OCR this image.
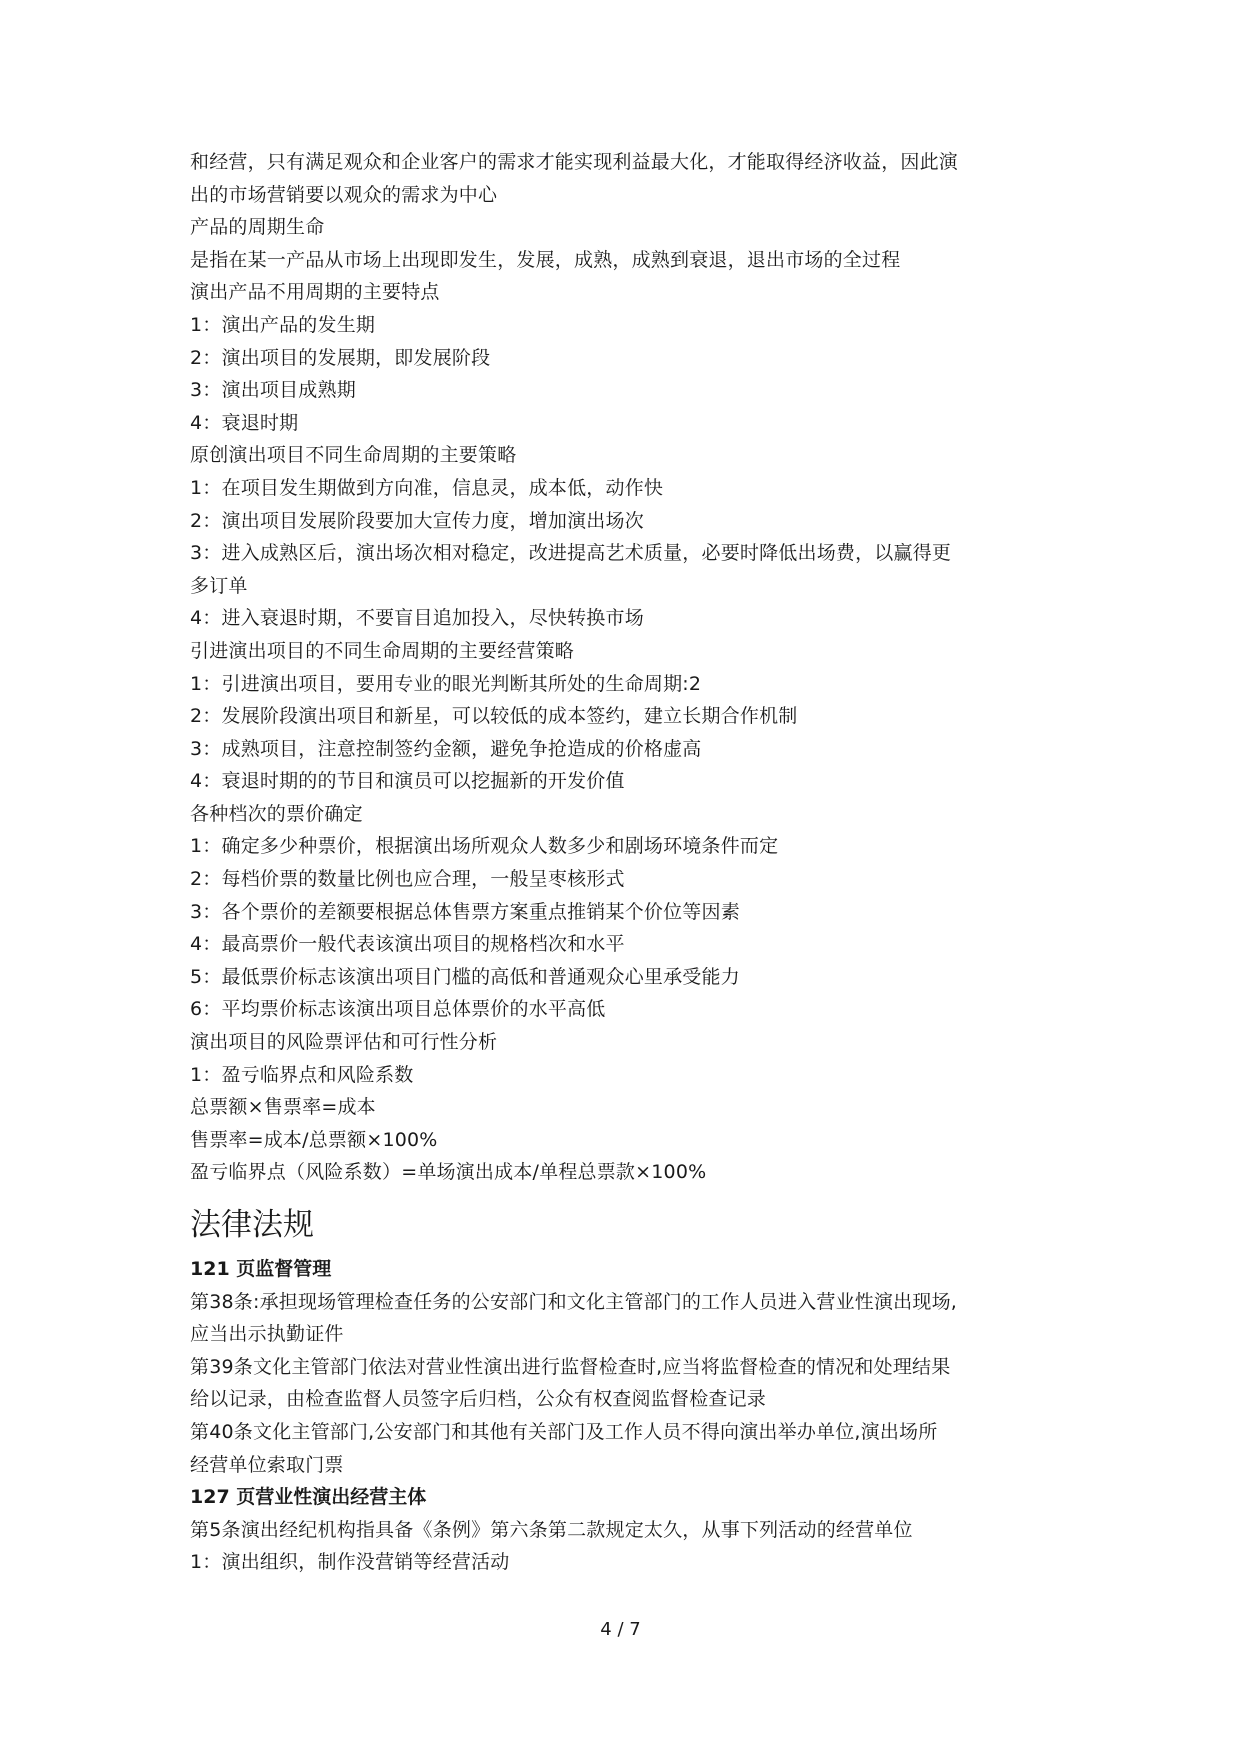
和经营，只有满足观众和企业客户的需求才能实现利益最大化，才能取得经济收益，因此演
出的市场营销要以观众的需求为中心
产品的周期生命
是指在某一产品从市场上出现即发生，发展，成熟，成熟到衰退，退出市场的全过程
演出产品不用周期的主要特点
1：演出产品的发生期
2：演出项目的发展期，即发展阶段
3：演出项目成熟期
4：衰退时期
原创演出项目不同生命周期的主要策略
1：在项目发生期做到方向准，信息灵，成本低，动作快
2：演出项目发展阶段要加大宣传力度，增加演出场次
3：进入成熟区后，演出场次相对稳定，改进提高艺术质量，必要时降低出场费，以赢得更
多订单
4：进入衰退时期，不要盲目追加投入，尽快转换市场
引进演出项目的不同生命周期的主要经营策略
1：引进演出项目，要用专业的眼光判断其所处的生命周期:2
2：发展阶段演出项目和新星，可以较低的成本签约，建立长期合作机制
3：成熟项目，注意控制签约金额，避免争抢造成的价格虚高
4：衰退时期的的节目和演员可以挖掘新的开发价值
各种档次的票价确定
1：确定多少种票价，根据演出场所观众人数多少和剧场环境条件而定
2：每档价票的数量比例也应合理，一般呈枣核形式
3：各个票价的差额要根据总体售票方案重点推销某个价位等因素
4：最高票价一般代表该演出项目的规格档次和水平
5：最低票价标志该演出项目门槛的高低和普通观众心里承受能力
6：平均票价标志该演出项目总体票价的水平高低
演出项目的风险票评估和可行性分析
1：盈亏临界点和风险系数
总票额×售票率=成本
售票率=成本/总票额×100%
盈亏临界点（风险系数）=单场演出成本/单程总票款×100%
法律法规
121 页监督管理
第38条:承担现场管理检查任务的公安部门和文化主管部门的工作人员进入营业性演出现场,
应当出示执勤证件
第39条文化主管部门依法对营业性演出进行监督检查时,应当将监督检查的情况和处理结果
给以记录，由检查监督人员签字后归档，公众有权查阅监督检查记录
第40条文化主管部门,公安部门和其他有关部门及工作人员不得向演出举办单位,演出场所
经营单位索取门票
127 页营业性演出经营主体
第5条演出经纪机构指具备《条例》第六条第二款规定太久，从事下列活动的经营单位
1：演出组织，制作没营销等经营活动
4 / 7
